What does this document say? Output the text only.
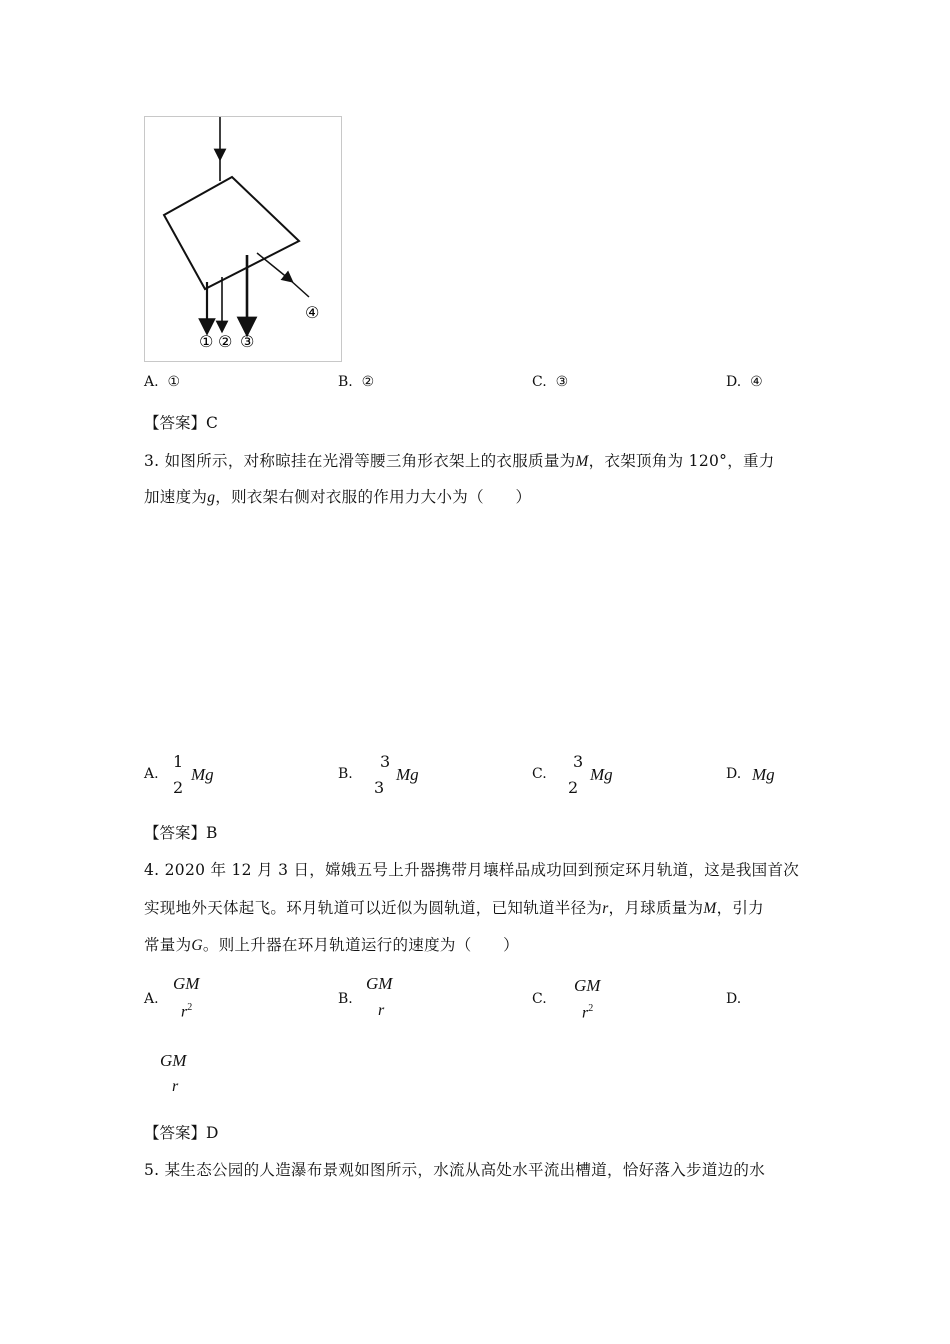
① ② ③
④
A. ①	B. ②	C. ③	D. ④
【答案】C
3. 如图所示，对称晾挂在光滑等腰三角形衣架上的衣服质量为M，衣架顶角为 120°，重力
加速度为g，则衣架右侧对衣服的作用力大小为（　　）
A.
1
2
Mg	B.
3
3
Mg	C.
3
2
Mg	D. Mg
【答案】B
4. 2020 年 12 月 3 日，嫦娥五号上升器携带月壤样品成功回到预定环月轨道，这是我国首次
实现地外天体起飞。环月轨道可以近似为圆轨道，已知轨道半径为r，月球质量为M，引力
常量为G。则上升器在环月轨道运行的速度为（　　）
A.
GM
$r^2$
B.
GM
r
C.
GM
$r^2$
D.
GM
r
【答案】D
5. 某生态公园的人造瀑布景观如图所示，水流从高处水平流出槽道，恰好落入步道边的水
